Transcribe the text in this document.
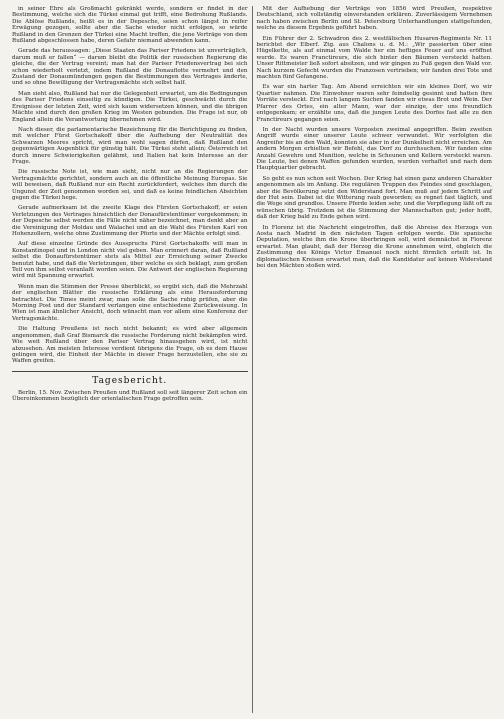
in seiner Ehre als Großmacht gekränkt werde, sondern er findet in der Bestimmung, welche sich die Türkei einmal gut trifft, eine Bedrohung Rußlands. Die Ablöse Rußlands, heißt es in der Depesche, seien schon längst in reifer Erwägung gezogen, sollte aber die Sache wieder nicht erfolgen, so würde Rußland in den Grenzen der Türkei eine Macht treffen, die jene Verträge von dem Rußland abgeschlossen habe, deren Gefahr niemand abwenden kann.

Gerade das heraussagen: „Diese Staaten das Pariser Friedens ist unverträglich, darum muß er fallen“ — darum bleibt die Politik der russischen Regierung die gleiche, die der Vertrag vereint; man hat der Pariser Friedensvertrag bei sich schon wiederholt verletzt, indem Rußland die Donauflotte vermehrt und den Zustand der Donaumündungen gegen die Bestimmungen des Vertrages änderte, und so ohne Bewilligung der Vertragsmächte sich selbst half.

Man sieht also, Rußland hat nur die Gelegenheit erwartet, um die Bedingungen des Pariser Friedens einseitig zu kündigen. Die Türkei, geschwächt durch die Ereignisse der letzten Zeit, wird sich kaum widersetzen können, und die übrigen Mächte sind durch den großen Krieg im Westen gebunden. Die Frage ist nur, ob England allein die Verantwortung übernehmen wird.

Nach dieser, die parlamentarische Bezeichnung für die Berichtigung zu finden, mit welcher Fürst Gortschakoff über die Aufhebung der Neutralität des Schwarzen Meeres spricht, wird man wohl sagen dürfen, daß Rußland den gegenwärtigen Augenblick für günstig hält. Die Türkei steht allein; Österreich ist durch innere Schwierigkeiten gelähmt, und Italien hat kein Interesse an der Frage.

Die russische Note ist, wie man sieht, nicht nur an die Regierungen der Vertragsmächte gerichtet, sondern auch an die öffentliche Meinung Europas. Sie will beweisen, daß Rußland nur ein Recht zurückfordert, welches ihm durch die Ungunst der Zeit genommen worden sei, und daß es keine feindlichen Absichten gegen die Türkei hege.

Gerade aufmerksam ist die zweite Klage des Fürsten Gortschakoff, er seien Verletzungen des Vertrages hinsichtlich der Donaufürstentümer vorgekommen; in der Depesche selbst werden die Fälle nicht näher bezeichnet, man denkt aber an die Vereinigung der Moldau und Walachei und an die Wahl des Fürsten Karl von Hohenzollern, welche ohne Zustimmung der Pforte und der Mächte erfolgt sind.

Auf diese einzelne Gründe des Ausspruchs Fürst Gortschakoffs will man in Konstantinopel und in London nicht viel geben. Man erinnert daran, daß Rußland selbst die Donaufürstentümer stets als Mittel zur Erreichung seiner Zwecke benutzt habe, und daß die Verletzungen, über welche es sich beklagt, zum großen Teil von ihm selbst veranlaßt worden seien. Die Antwort der englischen Regierung wird mit Spannung erwartet.

Wenn man die Stimmen der Presse überblickt, so ergibt sich, daß die Mehrzahl der englischen Blätter die russische Erklärung als eine Herausforderung betrachtet. Die Times meint zwar, man solle die Sache ruhig prüfen, aber die Morning Post und der Standard verlangen eine entschiedene Zurückweisung. In Wien ist man ähnlicher Ansicht, doch wünscht man vor allem eine Konferenz der Vertragsmächte.

Die Haltung Preußens ist noch nicht bekannt; es wird aber allgemein angenommen, daß Graf Bismarck die russische Forderung nicht bekämpfen wird. Wie weit Rußland über den Pariser Vertrag hinausgehen wird, ist nicht abzusehen. Am meisten Interesse verdient übrigens die Frage, ob es dem Hause gelingen wird, die Einheit der Mächte in dieser Frage herzustellen, ehe sie zu Waffen greifen.

Tagesbericht.

Berlin, 15. Nov. Zwischen Preußen und Rußland soll seit längerer Zeit schon ein Übereinkommen bezüglich der orientalischen Frage getroffen sein.

Mit der Aufhebung der Verträge von 1856 wird Preußen, respektive Deutschland, sich vollständig einverstanden erklären. Zuverlässigem Vernehmen nach haben zwischen Berlin und St. Petersburg Unterhandlungen stattgefunden, welche zu diesem Ergebnis geführt haben.

Ein Führer der 2. Schwadron des 2. westfälischen Husaren-Regiments Nr. 11 berichtet der Elberf. Ztg. aus Chalons u. d. M.: „Wir passierten über eine Hügelkette, als auf einmal vom Walde her ein heftiges Feuer auf uns eröffnet wurde. Es waren Franctireurs, die sich hinter den Bäumen versteckt hatten. Unser Rittmeister ließ sofort absitzen, und wir gingen zu Fuß gegen den Wald vor. Nach kurzem Gefecht wurden die Franzosen vertrieben; wir fanden drei Tote und machten fünf Gefangene.

Es war ein harter Tag. Am Abend erreichten wir ein kleines Dorf, wo wir Quartier nahmen. Die Einwohner waren sehr feindselig gesinnt und hatten ihre Vorräte versteckt. Erst nach langem Suchen fanden wir etwas Brot und Wein. Der Pfarrer des Ortes, ein alter Mann, war der einzige, der uns freundlich entgegenkam; er erzählte uns, daß die jungen Leute des Dorfes fast alle zu den Franctireurs gegangen seien.

In der Nacht wurden unsere Vorposten zweimal angegriffen. Beim zweiten Angriff wurde einer unserer Leute schwer verwundet. Wir verfolgten die Angreifer bis an den Wald, konnten sie aber in der Dunkelheit nicht erreichen. Am andern Morgen erhielten wir Befehl, das Dorf zu durchsuchen. Wir fanden eine Anzahl Gewehre und Munition, welche in Scheunen und Kellern versteckt waren. Die Leute, bei denen Waffen gefunden wurden, wurden verhaftet und nach dem Hauptquartier gebracht.

So geht es nun schon seit Wochen. Der Krieg hat einen ganz anderen Charakter angenommen als im Anfang. Die regulären Truppen des Feindes sind geschlagen, aber die Bevölkerung setzt den Widerstand fort. Man muß auf jedem Schritt auf der Hut sein. Dabei ist die Witterung rauh geworden; es regnet fast täglich, und die Wege sind grundlos. Unsere Pferde leiden sehr, und die Verpflegung läßt oft zu wünschen übrig. Trotzdem ist die Stimmung der Mannschaften gut; jeder hofft, daß der Krieg bald zu Ende gehen wird.

In Florenz ist die Nachricht eingetroffen, daß die Abreise des Herzogs von Aosta nach Madrid in den nächsten Tagen erfolgen werde. Die spanische Deputation, welche ihm die Krone überbringen soll, wird demnächst in Florenz erwartet. Man glaubt, daß der Herzog die Krone annehmen wird, obgleich die Zustimmung des Königs Victor Emanuel noch nicht förmlich erteilt ist. In diplomatischen Kreisen erwartet man, daß die Kandidatur auf keinen Widerstand bei den Mächten stoßen wird.
